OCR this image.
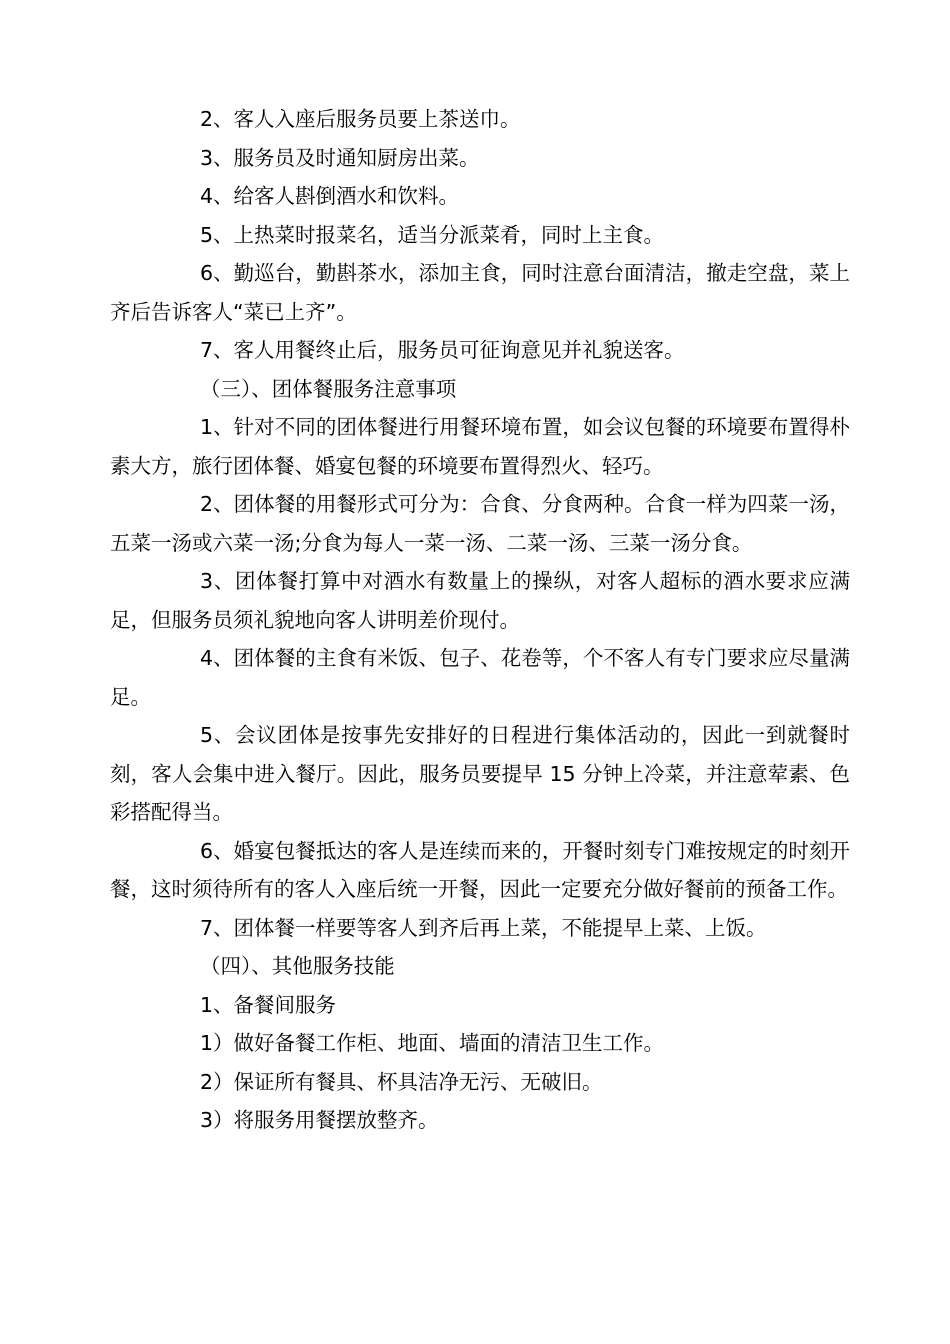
2、客人入座后服务员要上茶送巾。

3、服务员及时通知厨房出菜。

4、给客人斟倒酒水和饮料。

5、上热菜时报菜名，适当分派菜肴，同时上主食。

6、勤巡台，勤斟茶水，添加主食，同时注意台面清洁，撤走空盘，菜上齐后告诉客人“菜已上齐”。

7、客人用餐终止后，服务员可征询意见并礼貌送客。

（三）、团体餐服务注意事项

1、针对不同的团体餐进行用餐环境布置，如会议包餐的环境要布置得朴素大方，旅行团体餐、婚宴包餐的环境要布置得烈火、轻巧。

2、团体餐的用餐形式可分为：合食、分食两种。合食一样为四菜一汤，五菜一汤或六菜一汤;分食为每人一菜一汤、二菜一汤、三菜一汤分食。

3、团体餐打算中对酒水有数量上的操纵，对客人超标的酒水要求应满足，但服务员须礼貌地向客人讲明差价现付。

4、团体餐的主食有米饭、包子、花卷等，个不客人有专门要求应尽量满足。

5、会议团体是按事先安排好的日程进行集体活动的，因此一到就餐时刻，客人会集中进入餐厅。因此，服务员要提早 15 分钟上冷菜，并注意荤素、色彩搭配得当。

6、婚宴包餐抵达的客人是连续而来的，开餐时刻专门难按规定的时刻开餐，这时须待所有的客人入座后统一开餐，因此一定要充分做好餐前的预备工作。

7、团体餐一样要等客人到齐后再上菜，不能提早上菜、上饭。

（四）、其他服务技能

1、备餐间服务

1）做好备餐工作柜、地面、墙面的清洁卫生工作。

2）保证所有餐具、杯具洁净无污、无破旧。

3）将服务用餐摆放整齐。
